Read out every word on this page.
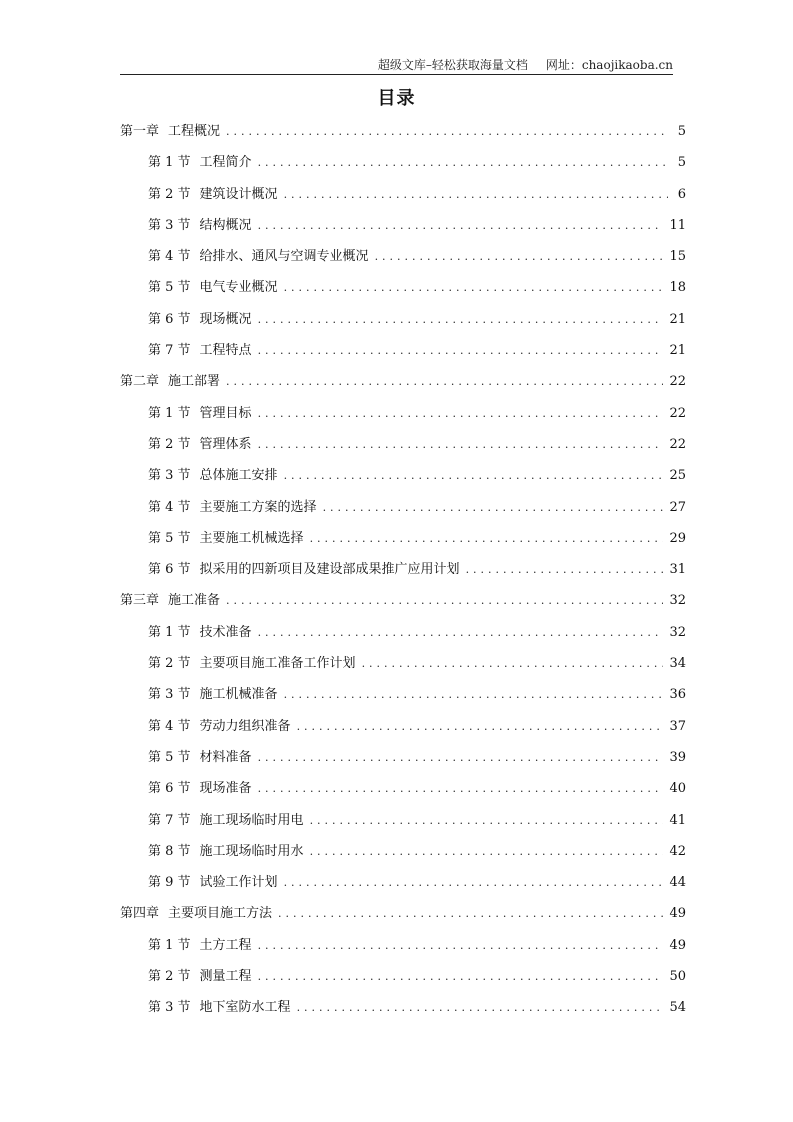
超级文库–轻松获取海量文档 网址：chaojikaoba.cn
目录
第一章 工程概况 .....	5
第 1 节 工程简介 .....	5
第 2 节 建筑设计概况 .....	6
第 3 节 结构概况 .....	11
第 4 节 给排水、通风与空调专业概况 .....	15
第 5 节 电气专业概况 .....	18
第 6 节 现场概况 .....	21
第 7 节 工程特点 .....	21
第二章 施工部署 .....	22
第 1 节 管理目标 .....	22
第 2 节 管理体系 .....	22
第 3 节 总体施工安排 .....	25
第 4 节 主要施工方案的选择 .....	27
第 5 节 主要施工机械选择 .....	29
第 6 节 拟采用的四新项目及建设部成果推广应用计划 .....	31
第三章 施工准备 .....	32
第 1 节 技术准备 .....	32
第 2 节 主要项目施工准备工作计划 .....	34
第 3 节 施工机械准备 .....	36
第 4 节 劳动力组织准备 .....	37
第 5 节 材料准备 .....	39
第 6 节 现场准备 .....	40
第 7 节 施工现场临时用电 .....	41
第 8 节 施工现场临时用水 .....	42
第 9 节 试验工作计划 .....	44
第四章 主要项目施工方法 .....	49
第 1 节 土方工程 .....	49
第 2 节 测量工程 .....	50
第 3 节 地下室防水工程 .....	54
